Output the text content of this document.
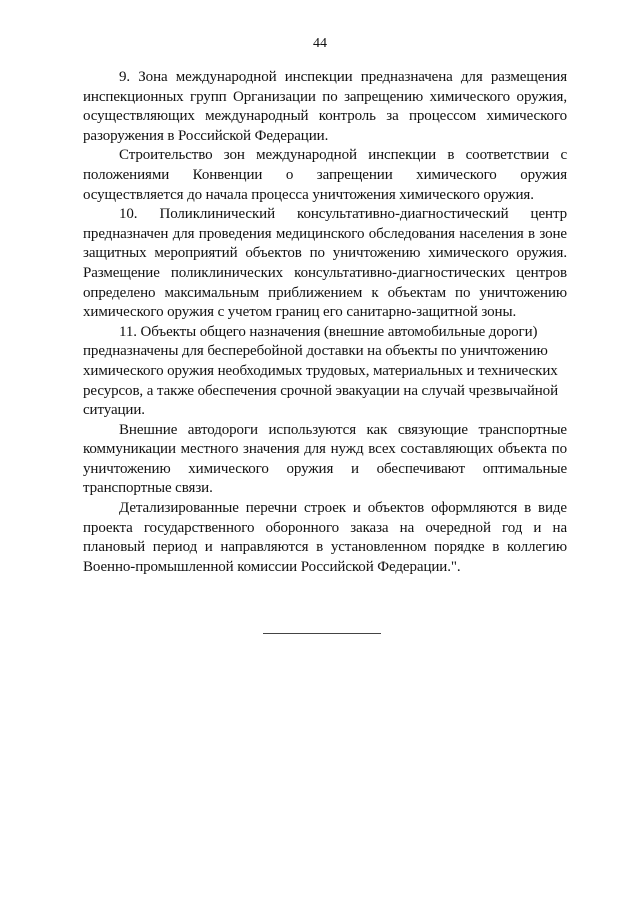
44

9. Зона международной инспекции предназначена для размещения инспекционных групп Организации по запрещению химического оружия, осуществляющих международный контроль за процессом химического разоружения в Российской Федерации.

Строительство зон международной инспекции в соответствии с положениями Конвенции о запрещении химического оружия осуществляется до начала процесса уничтожения химического оружия.

10. Поликлинический консультативно-диагностический центр предназначен для проведения медицинского обследования населения в зоне защитных мероприятий объектов по уничтожению химического оружия. Размещение поликлинических консультативно-диагностических центров определено максимальным приближением к объектам по уничтожению химического оружия с учетом границ его санитарно-защитной зоны.

11. Объекты общего назначения (внешние автомобильные дороги) предназначены для бесперебойной доставки на объекты по уничтожению химического оружия необходимых трудовых, материальных и технических ресурсов, а также обеспечения срочной эвакуации на случай чрезвычайной ситуации.

Внешние автодороги используются как связующие транспортные коммуникации местного значения для нужд всех составляющих объекта по уничтожению химического оружия и обеспечивают оптимальные транспортные связи.

Детализированные перечни строек и объектов оформляются в виде проекта государственного оборонного заказа на очередной год и на плановый период и направляются в установленном порядке в коллегию Военно-промышленной комиссии Российской Федерации.".
